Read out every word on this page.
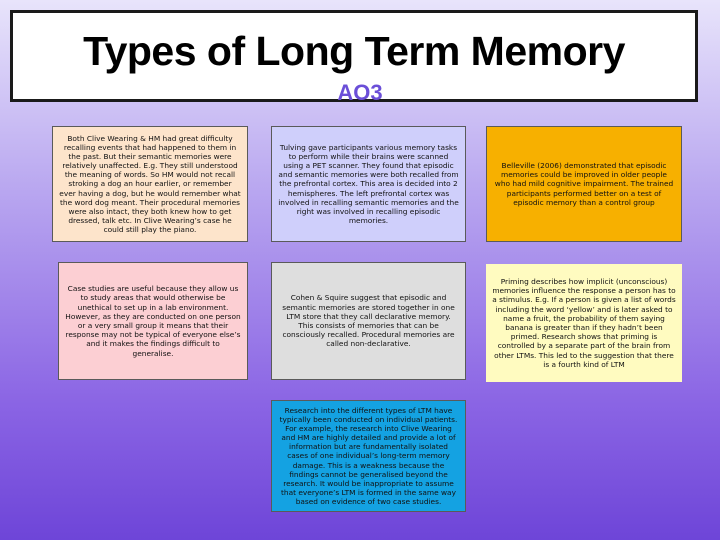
Types of Long Term Memory
AO3
Both Clive Wearing & HM had great difficulty recalling events that had happened to them in the past. But their semantic memories were relatively unaffected. E.g. They still understood the meaning of words. So HM would not recall stroking a dog an hour earlier, or remember ever having a dog, but he would remember what the word dog meant. Their procedural memories were also intact, they both knew how to get dressed, talk etc. In Clive Wearing’s case he could still play the piano.
Tulving gave participants various memory tasks to perform while their brains were scanned using a PET scanner. They found that episodic and semantic memories were both recalled from the prefrontal cortex. This area is decided into 2 hemispheres. The left prefrontal cortex was involved in recalling semantic memories and the right was involved in recalling episodic memories.
Belleville (2006) demonstrated that episodic memories could be improved in older people who had mild cognitive impairment. The trained participants performed better on a test of episodic memory than a control group
Case studies are useful because they allow us to study areas that would otherwise be unethical to set up in a lab environment. However, as they are conducted on one person or a very small group it means that their response may not be typical of everyone else’s and it makes the findings difficult to generalise.
Cohen & Squire suggest that episodic and semantic memories are stored together in one LTM store that they call declarative memory. This consists of memories that can be consciously recalled. Procedural memories are called non-declarative.
Priming describes how implicit (unconscious) memories influence the response a person has to a stimulus. E.g. If a person is given a list of words including the word ‘yellow’ and is later asked to name a fruit, the probability of them saying banana is greater than if they hadn’t been primed. Research shows that priming is controlled by a separate part of the brain from other LTMs. This led to the suggestion that there is a fourth kind of LTM
Research into the different types of LTM have typically been conducted on individual patients. For example, the research into Clive Wearing and HM are highly detailed and provide a lot of information but are fundamentally isolated cases of one individual’s long-term memory damage. This is a weakness because the findings cannot be generalised beyond the research. It would be inappropriate to assume that everyone’s LTM is formed in the same way based on evidence of two case studies.
